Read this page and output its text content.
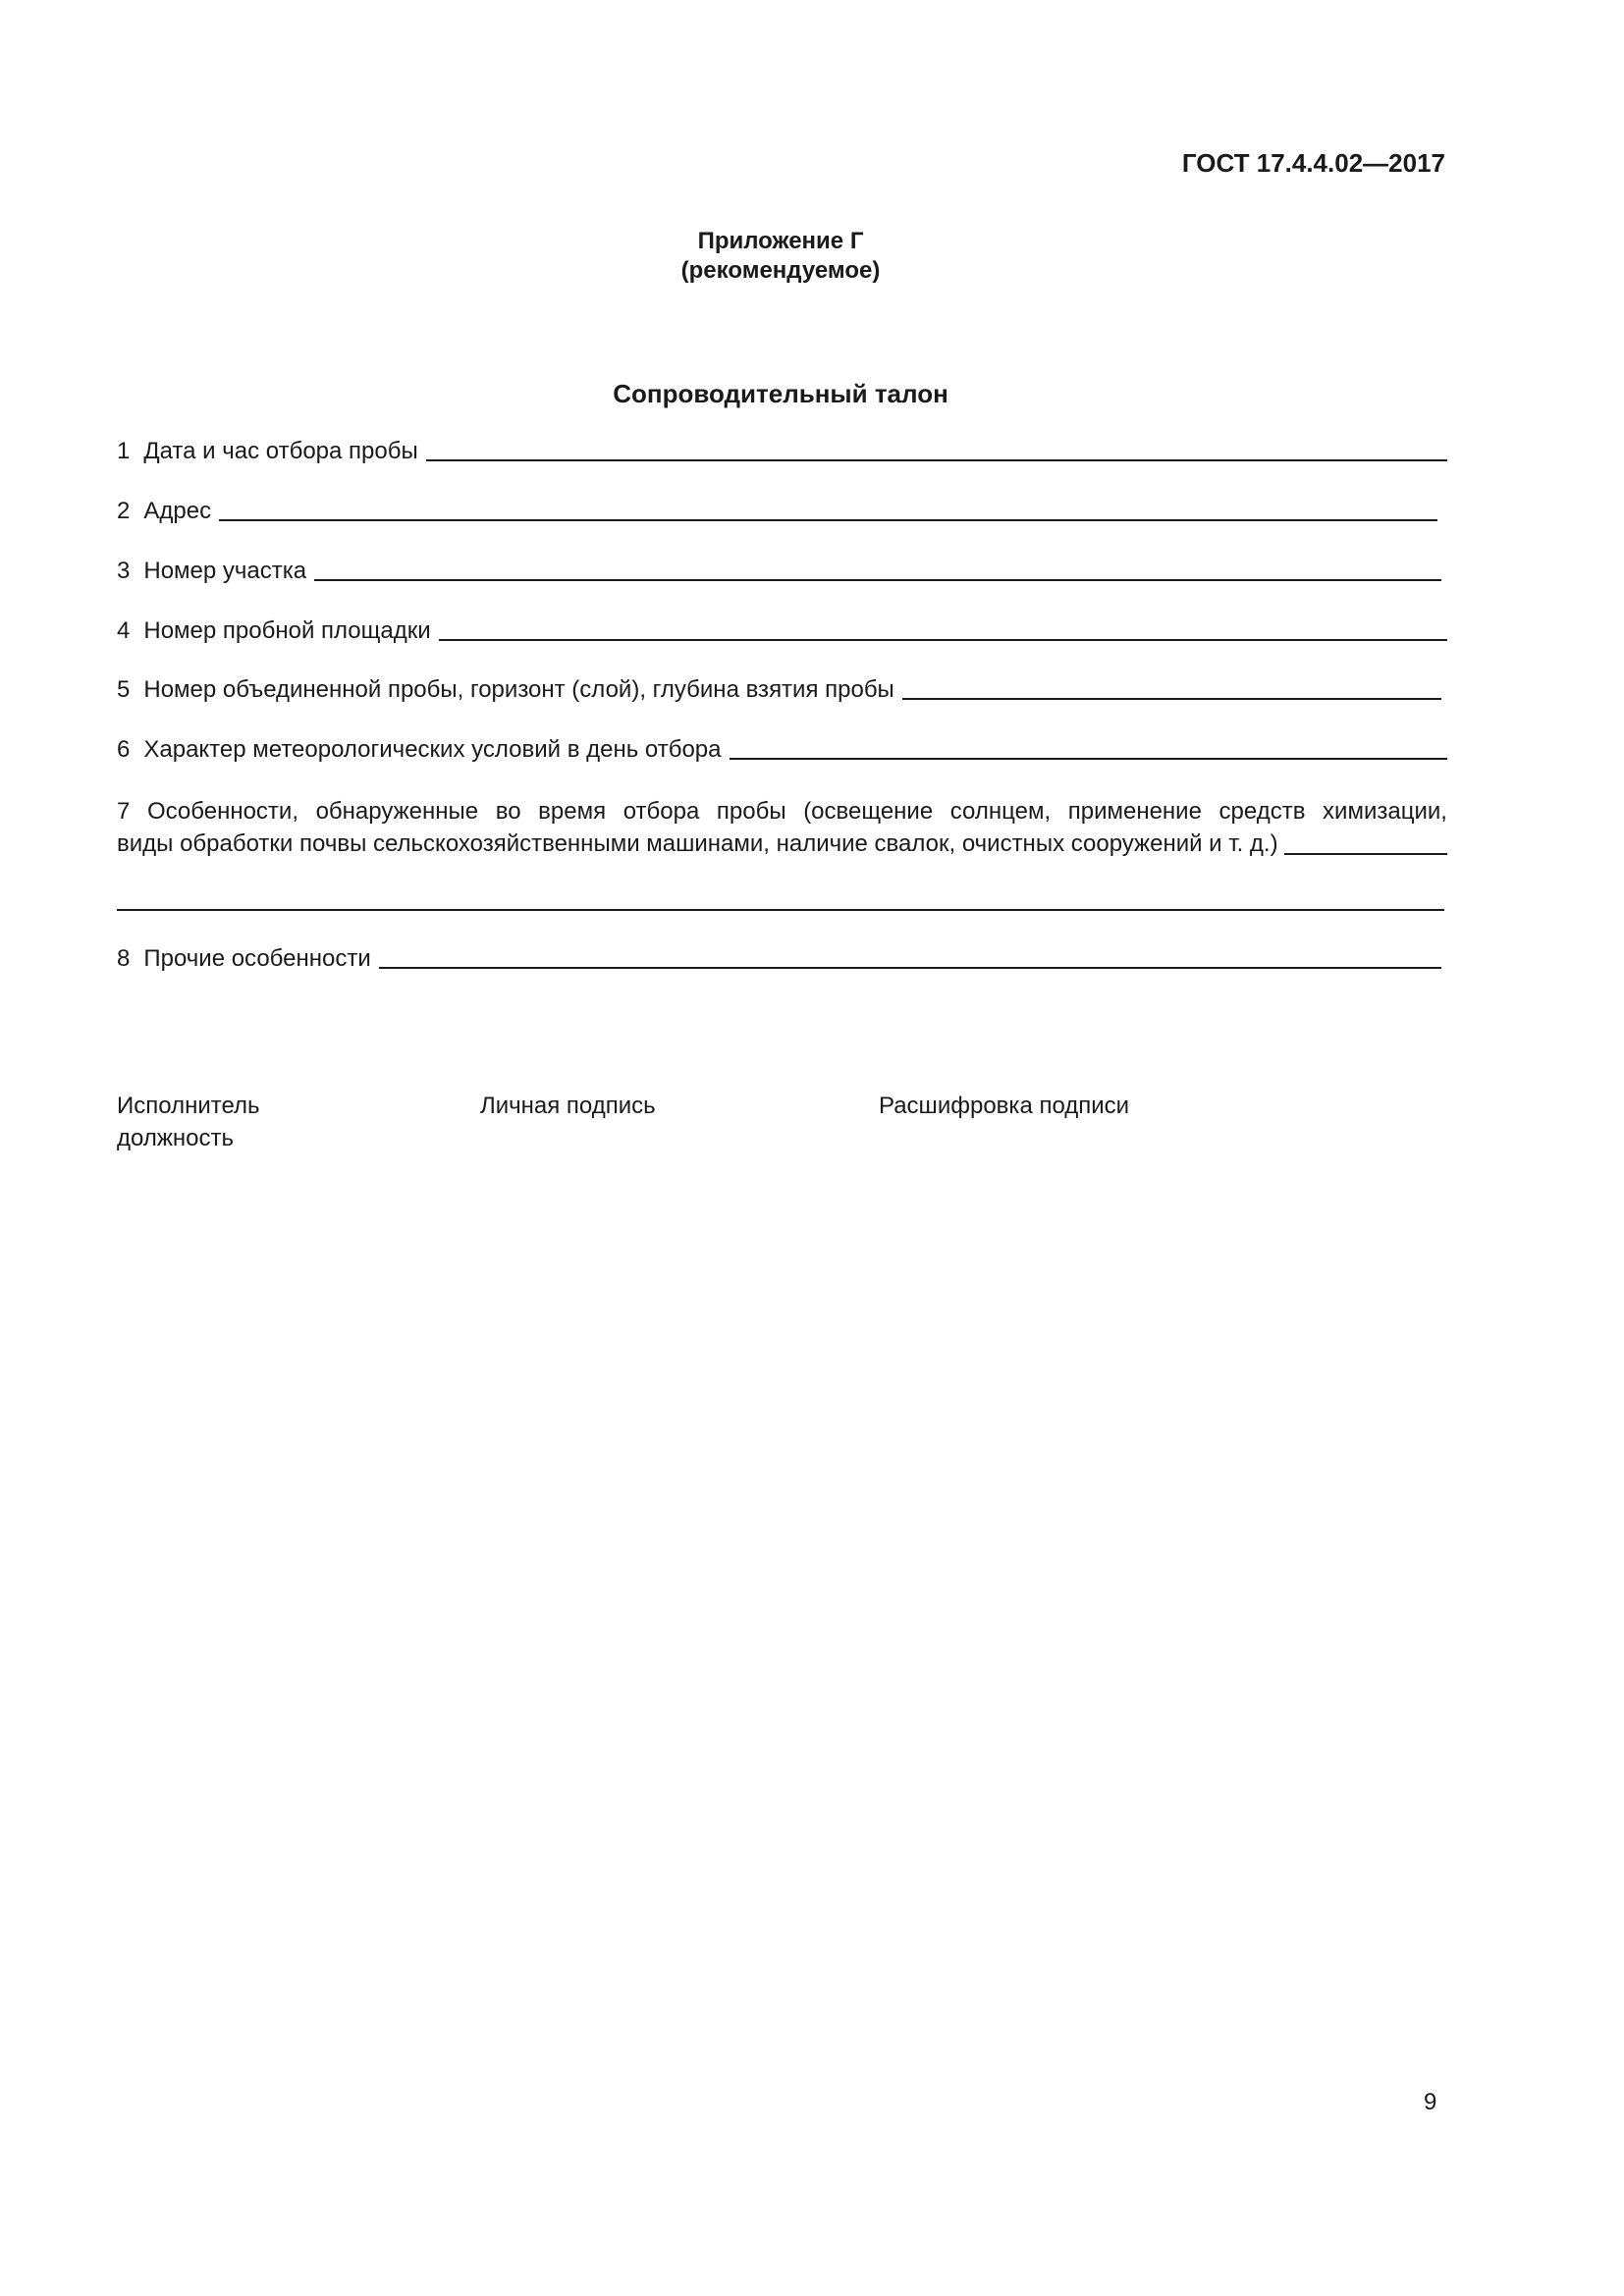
ГОСТ 17.4.4.02—2017
Приложение Г
(рекомендуемое)
Сопроводительный талон
1 Дата и час отбора пробы
2 Адрес
3 Номер участка
4 Номер пробной площадки
5 Номер объединенной пробы, горизонт (слой), глубина взятия пробы
6 Характер метеорологических условий в день отбора
7 Особенности, обнаруженные во время отбора пробы (освещение солнцем, применение средств химизации,
виды обработки почвы сельскохозяйственными машинами, наличие свалок, очистных сооружений и т. д.)
8 Прочие особенности
Исполнитель
должность
Личная подпись	Расшифровка подписи
9
